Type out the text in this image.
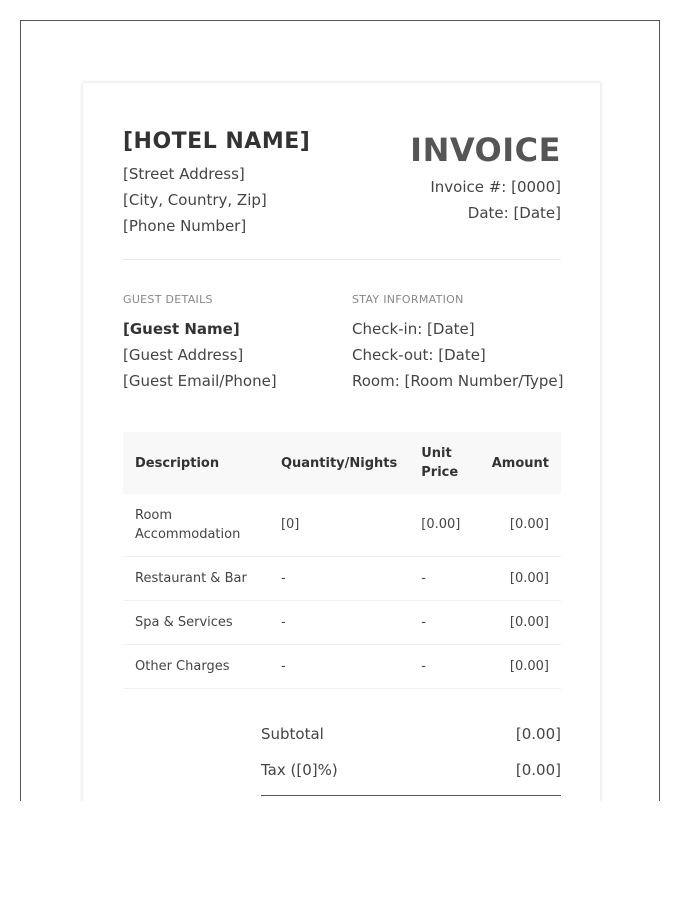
[HOTEL NAME]
[Street Address]
[City, Country, Zip]
[Phone Number]
INVOICE
Invoice #: [0000]
Date: [Date]
GUEST DETAILS
[Guest Name]
[Guest Address]
[Guest Email/Phone]
STAY INFORMATION
Check-in: [Date]
Check-out: [Date]
Room: [Room Number/Type]
Description	Quantity/Nights	Unit Price	Amount
Room Accommodation	[0]	[0.00]	[0.00]
Restaurant & Bar	-	-	[0.00]
Spa & Services	-	-	[0.00]
Other Charges	-	-	[0.00]
Subtotal	[0.00]
Tax ([0]%)	[0.00]
